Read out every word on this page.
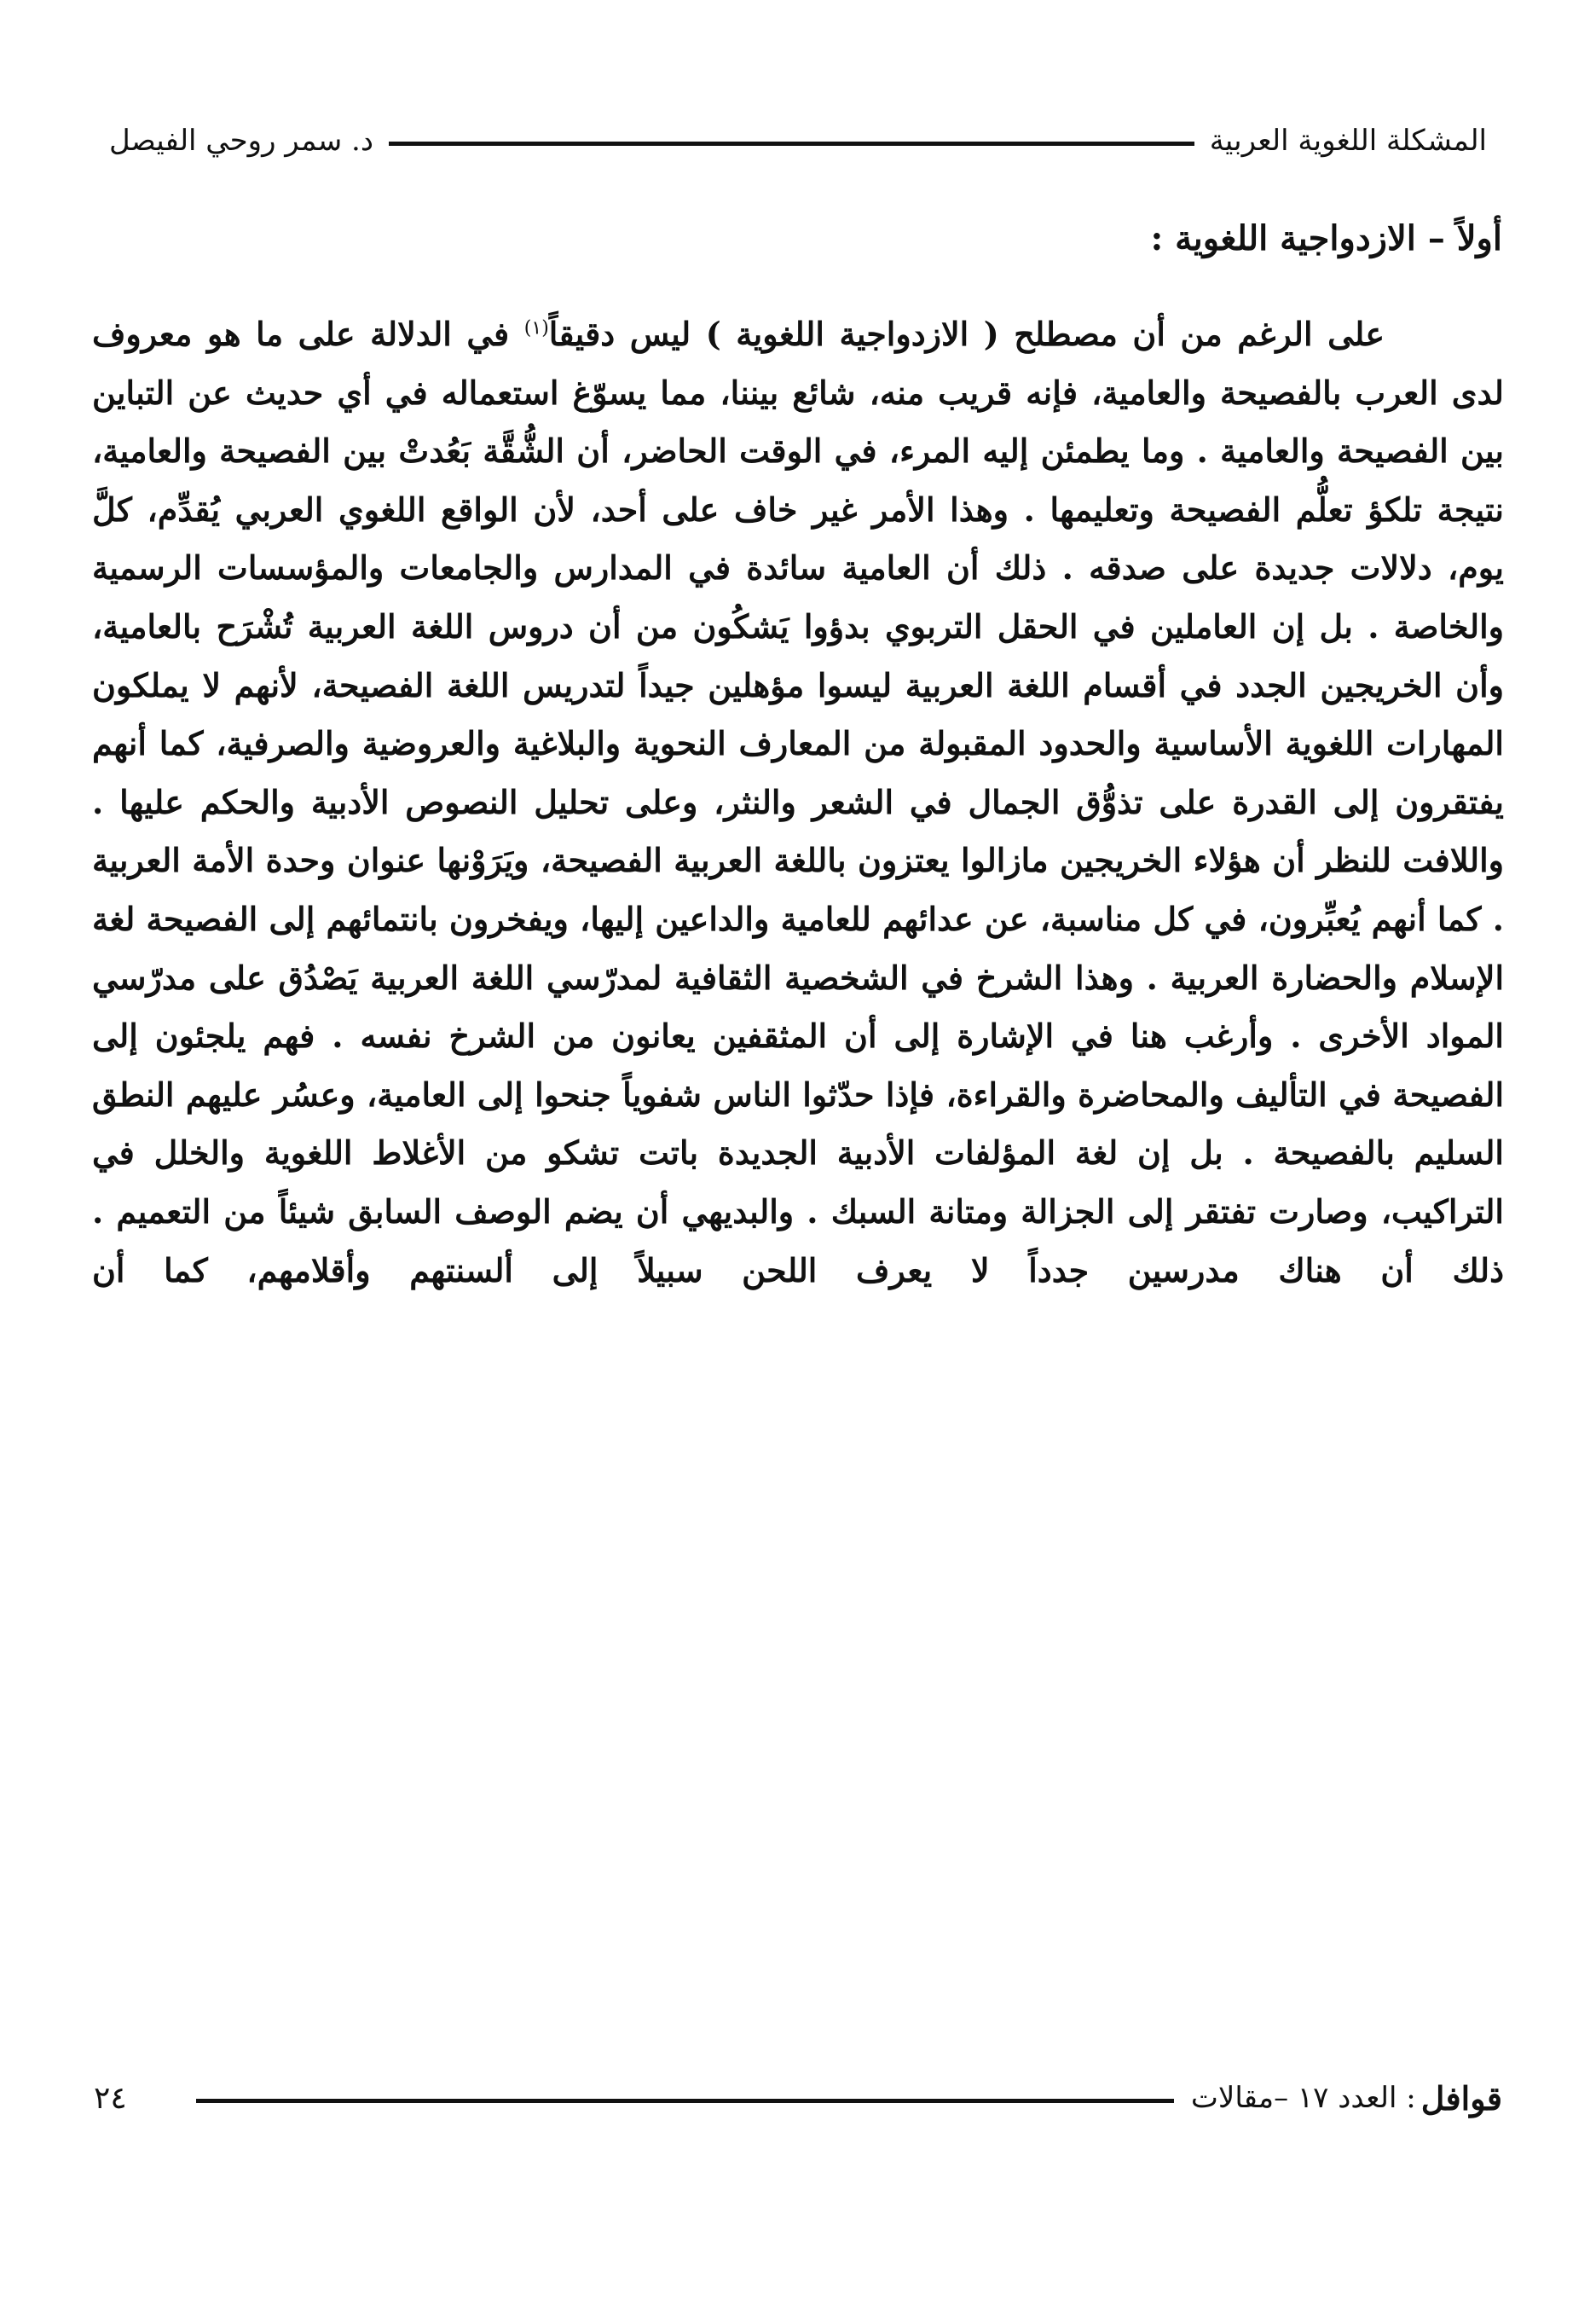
المشكلة اللغوية العربية
د. سمر روحي الفيصل
أولاً – الازدواجية اللغوية :

على الرغم من أن مصطلح ( الازدواجية اللغوية ) ليس دقيقاً$^{(١)}$ في الدلالة على ما هو معروف لدى العرب بالفصيحة والعامية، فإنه قريب منه، شائع بيننا، مما يسوّغ استعماله في أي حديث عن التباين بين الفصيحة والعامية . وما يطمئن إليه المرء، في الوقت الحاضر، أن الشُّقَّة بَعُدتْ بين الفصيحة والعامية، نتيجة تلكؤ تعلُّم الفصيحة وتعليمها . وهذا الأمر غير خاف على أحد، لأن الواقع اللغوي العربي يُقدِّم، كلَّ يوم، دلالات جديدة على صدقه . ذلك أن العامية سائدة في المدارس والجامعات والمؤسسات الرسمية والخاصة . بل إن العاملين في الحقل التربوي بدؤوا يَشكُون من أن دروس اللغة العربية تُشْرَح بالعامية، وأن الخريجين الجدد في أقسام اللغة العربية ليسوا مؤهلين جيداً لتدريس اللغة الفصيحة، لأنهم لا يملكون المهارات اللغوية الأساسية والحدود المقبولة من المعارف النحوية والبلاغية والعروضية والصرفية، كما أنهم يفتقرون إلى القدرة على تذوُّق الجمال في الشعر والنثر، وعلى تحليل النصوص الأدبية والحكم عليها . واللافت للنظر أن هؤلاء الخريجين مازالوا يعتزون باللغة العربية الفصيحة، ويَرَوْنها عنوان وحدة الأمة العربية . كما أنهم يُعبِّرون، في كل مناسبة، عن عدائهم للعامية والداعين إليها، ويفخرون بانتمائهم إلى الفصيحة لغة الإسلام والحضارة العربية . وهذا الشرخ في الشخصية الثقافية لمدرّسي اللغة العربية يَصْدُق على مدرّسي المواد الأخرى . وأرغب هنا في الإشارة إلى أن المثقفين يعانون من الشرخ نفسه . فهم يلجئون إلى الفصيحة في التأليف والمحاضرة والقراءة، فإذا حدّثوا الناس شفوياً جنحوا إلى العامية، وعسُر عليهم النطق السليم بالفصيحة . بل إن لغة المؤلفات الأدبية الجديدة باتت تشكو من الأغلاط اللغوية والخلل في التراكيب، وصارت تفتقر إلى الجزالة ومتانة السبك . والبديهي أن يضم الوصف السابق شيئاً من التعميم . ذلك أن هناك مدرسين جدداً لا يعرف اللحن سبيلاً إلى ألسنتهم وأقلامهم، كما أن

قوافل
: العدد ١٧ –مقالات
٢٤
